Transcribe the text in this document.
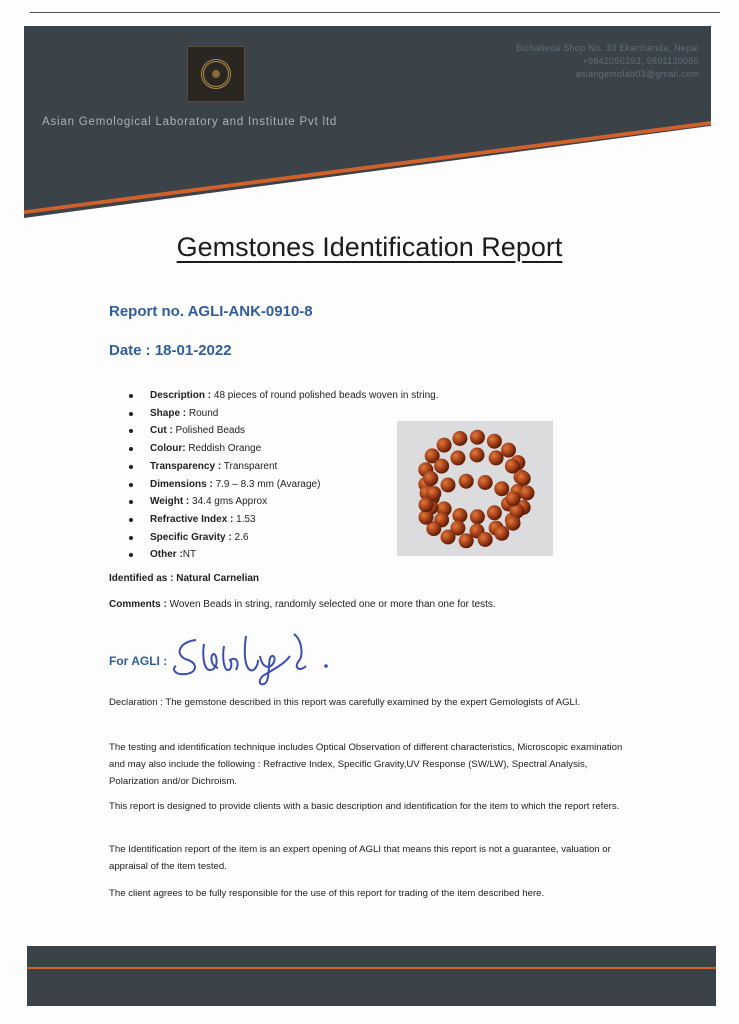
Bichalleda Shop No. 33 Ekarthanda, Nepal
+9842050293, 9801130050
asiangemolab03@gmail.com
Asian Gemological Laboratory and Institute Pvt ltd
Gemstones Identification Report
Report no. AGLI-ANK-0910-8
Date : 18-01-2022
Description : 48 pieces of round polished beads woven in string.
Shape : Round
Cut : Polished Beads
Colour: Reddish Orange
Transparency : Transparent
Dimensions : 7.9 – 8.3 mm (Avarage)
Weight : 34.4 gms Approx
Refractive Index : 1.53
Specific Gravity : 2.6
Other :NT
Identified as : Natural Carnelian
Comments : Woven Beads in string, randomly selected one or more than one for tests.
For AGLI :

Declaration : The gemstone described in this report was carefully examined by the expert Gemologists of AGLI.

The testing and identification technique includes Optical Observation of different characteristics, Microscopic examination and may also include the following : Refractive Index, Specific Gravity,UV Response (SW/LW), Spectral Analysis, Polarization and/or Dichroism.

This report is designed to provide clients with a basic description and identification for the item to which the report refers.

The Identification report of the item is an expert opening of AGLI that means this report is not a guarantee, valuation or appraisal of the item tested.

The client agrees to be fully responsible for the use of this report for trading of the item described here.
